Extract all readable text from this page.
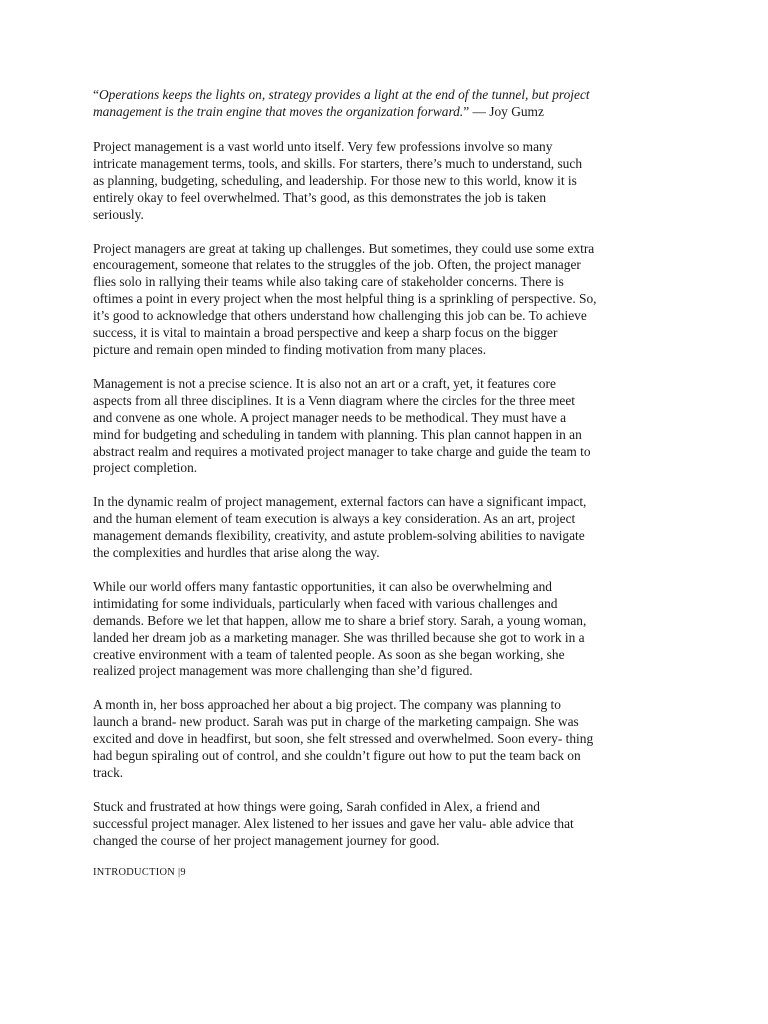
“Operations keeps the lights on, strategy provides a light at the end of the tunnel, but project
management is the train engine that moves the organization forward.” — Joy Gumz
Project management is a vast world unto itself. Very few professions involve so many
intricate management terms, tools, and skills. For starters, there’s much to understand, such
as planning, budgeting, scheduling, and leadership. For those new to this world, know it is
entirely okay to feel overwhelmed. That’s good, as this demonstrates the job is taken
seriously.
Project managers are great at taking up challenges. But sometimes, they could use some extra
encouragement, someone that relates to the struggles of the job. Often, the project manager
flies solo in rallying their teams while also taking care of stakeholder concerns. There is
oftimes a point in every project when the most helpful thing is a sprinkling of perspective. So,
it’s good to acknowledge that others understand how challenging this job can be. To achieve
success, it is vital to maintain a broad perspective and keep a sharp focus on the bigger
picture and remain open minded to finding motivation from many places.
Management is not a precise science. It is also not an art or a craft, yet, it features core
aspects from all three disciplines. It is a Venn diagram where the circles for the three meet
and convene as one whole. A project manager needs to be methodical. They must have a
mind for budgeting and scheduling in tandem with planning. This plan cannot happen in an
abstract realm and requires a motivated project manager to take charge and guide the team to
project completion.
In the dynamic realm of project management, external factors can have a significant impact,
and the human element of team execution is always a key consideration. As an art, project
management demands flexibility, creativity, and astute problem-solving abilities to navigate
the complexities and hurdles that arise along the way.
While our world offers many fantastic opportunities, it can also be overwhelming and
intimidating for some individuals, particularly when faced with various challenges and
demands. Before we let that happen, allow me to share a brief story. Sarah, a young woman,
landed her dream job as a marketing manager. She was thrilled because she got to work in a
creative environment with a team of talented people. As soon as she began working, she
realized project management was more challenging than she’d figured.
A month in, her boss approached her about a big project. The company was planning to
launch a brand- new product. Sarah was put in charge of the marketing campaign. She was
excited and dove in headfirst, but soon, she felt stressed and overwhelmed. Soon every- thing
had begun spiraling out of control, and she couldn’t figure out how to put the team back on
track.
Stuck and frustrated at how things were going, Sarah confided in Alex, a friend and
successful project manager. Alex listened to her issues and gave her valu- able advice that
changed the course of her project management journey for good.
INTRODUCTION |9
